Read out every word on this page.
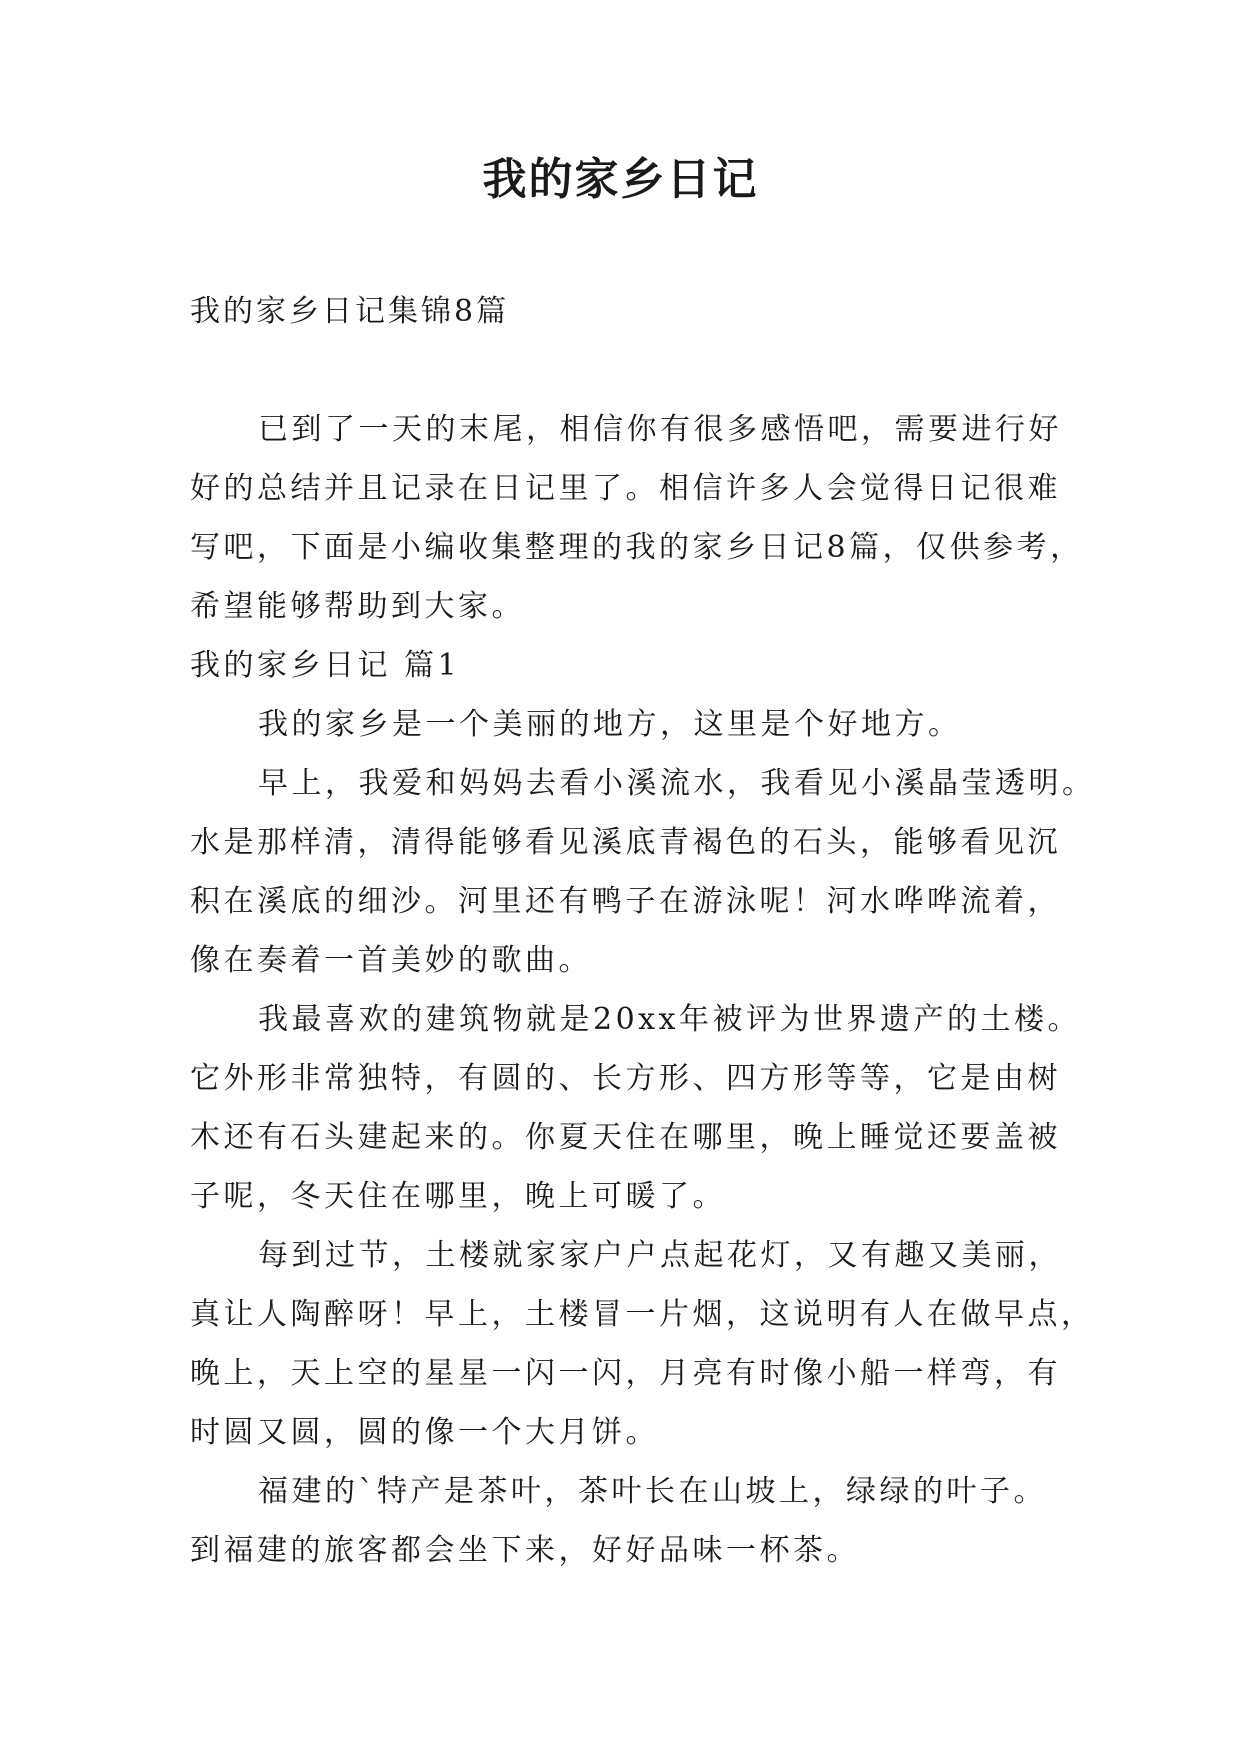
我的家乡日记

我的家乡日记集锦8篇

已到了一天的末尾，相信你有很多感悟吧，需要进行好

好的总结并且记录在日记里了。相信许多人会觉得日记很难

写吧，下面是小编收集整理的我的家乡日记8篇，仅供参考，

希望能够帮助到大家。

我的家乡日记 篇1

我的家乡是一个美丽的地方，这里是个好地方。

早上，我爱和妈妈去看小溪流水，我看见小溪晶莹透明。

水是那样清，清得能够看见溪底青褐色的石头，能够看见沉

积在溪底的细沙。河里还有鸭子在游泳呢！河水哗哗流着，

像在奏着一首美妙的歌曲。

我最喜欢的建筑物就是20xx年被评为世界遗产的土楼。

它外形非常独特，有圆的、长方形、四方形等等，它是由树

木还有石头建起来的。你夏天住在哪里，晚上睡觉还要盖被

子呢，冬天住在哪里，晚上可暖了。

每到过节，土楼就家家户户点起花灯，又有趣又美丽，

真让人陶醉呀！早上，土楼冒一片烟，这说明有人在做早点，

晚上，天上空的星星一闪一闪，月亮有时像小船一样弯，有

时圆又圆，圆的像一个大月饼。

福建的`特产是茶叶，茶叶长在山坡上，绿绿的叶子。

到福建的旅客都会坐下来，好好品味一杯茶。
